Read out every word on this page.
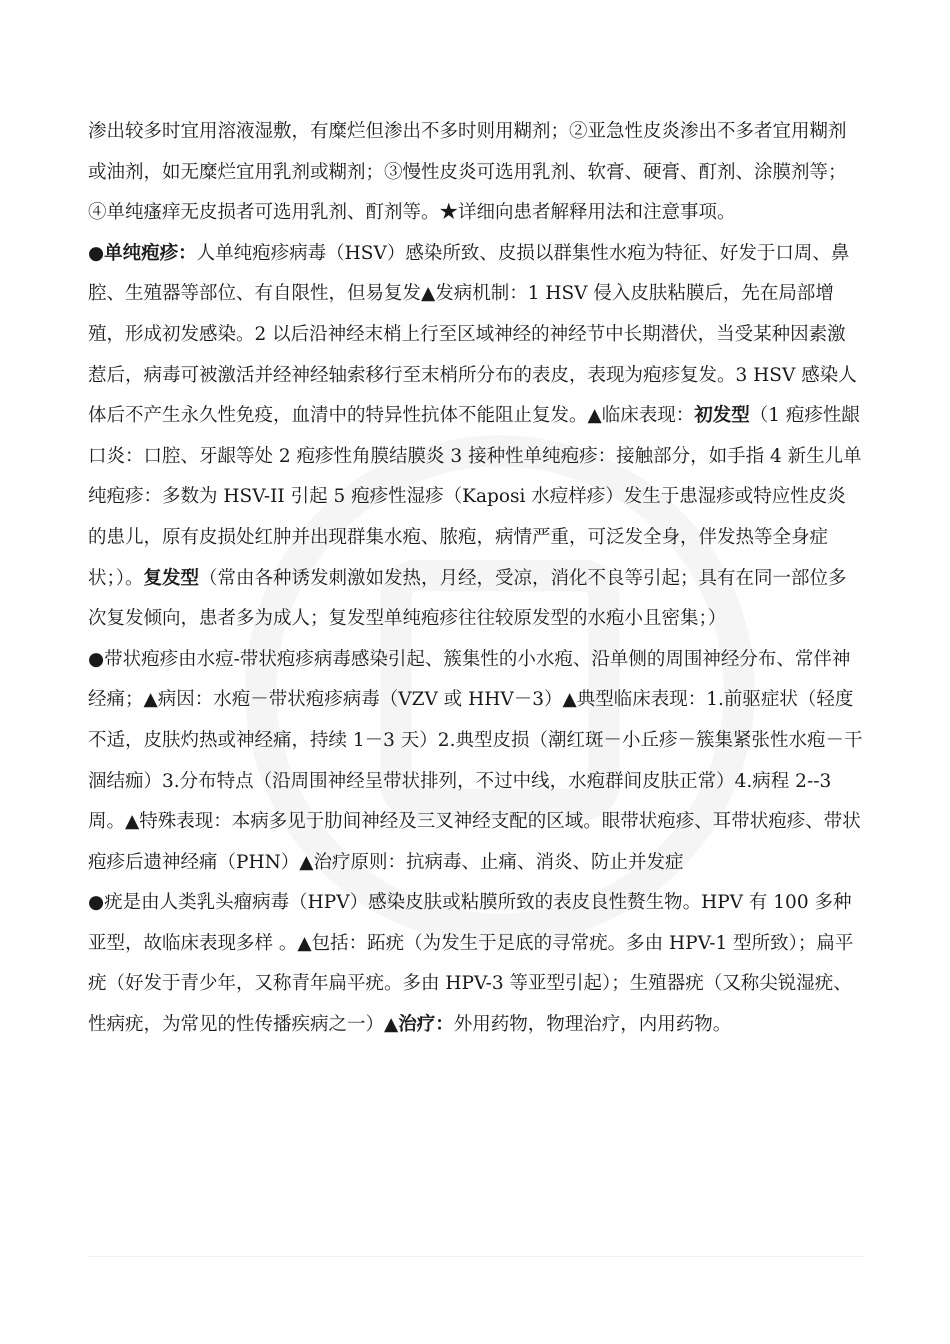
渗出较多时宜用溶液湿敷，有糜烂但渗出不多时则用糊剂；②亚急性皮炎渗出不多者宜用糊剂或油剂，如无糜烂宜用乳剂或糊剂；③慢性皮炎可选用乳剂、软膏、硬膏、酊剂、涂膜剂等；④单纯瘙痒无皮损者可选用乳剂、酊剂等。★详细向患者解释用法和注意事项。

●单纯疱疹：人单纯疱疹病毒（HSV）感染所致、皮损以群集性水疱为特征、好发于口周、鼻腔、生殖器等部位、有自限性，但易复发▲发病机制：1 HSV 侵入皮肤粘膜后，先在局部增殖，形成初发感染。2 以后沿神经末梢上行至区域神经的神经节中长期潜伏，当受某种因素激惹后，病毒可被激活并经神经轴索移行至末梢所分布的表皮，表现为疱疹复发。3 HSV 感染人体后不产生永久性免疫，血清中的特异性抗体不能阻止复发。▲临床表现：初发型（1 疱疹性龈口炎：口腔、牙龈等处 2 疱疹性角膜结膜炎 3 接种性单纯疱疹：接触部分，如手指 4 新生儿单纯疱疹：多数为 HSV-II 引起 5 疱疹性湿疹（Kaposi 水痘样疹）发生于患湿疹或特应性皮炎的患儿，原有皮损处红肿并出现群集水疱、脓疱，病情严重，可泛发全身，伴发热等全身症状；）。复发型（常由各种诱发刺激如发热，月经，受凉，消化不良等引起；具有在同一部位多次复发倾向，患者多为成人；复发型单纯疱疹往往较原发型的水疱小且密集；）

●带状疱疹由水痘-带状疱疹病毒感染引起、簇集性的小水疱、沿单侧的周围神经分布、常伴神经痛；▲病因：水疱－带状疱疹病毒（VZV 或 HHV－3）▲典型临床表现：1.前驱症状（轻度不适，皮肤灼热或神经痛，持续 1－3 天）2.典型皮损（潮红斑－小丘疹－簇集紧张性水疱－干涸结痂）3.分布特点（沿周围神经呈带状排列，不过中线，水疱群间皮肤正常）4.病程 2--3 周。▲特殊表现：本病多见于肋间神经及三叉神经支配的区域。眼带状疱疹、耳带状疱疹、带状疱疹后遗神经痛（PHN）▲治疗原则：抗病毒、止痛、消炎、防止并发症

●疣是由人类乳头瘤病毒（HPV）感染皮肤或粘膜所致的表皮良性赘生物。HPV 有 100 多种亚型，故临床表现多样 。▲包括：跖疣（为发生于足底的寻常疣。多由 HPV-1 型所致）；扁平疣（好发于青少年，又称青年扁平疣。多由 HPV-3 等亚型引起）；生殖器疣（又称尖锐湿疣、性病疣，为常见的性传播疾病之一）▲治疗：外用药物，物理治疗，内用药物。
